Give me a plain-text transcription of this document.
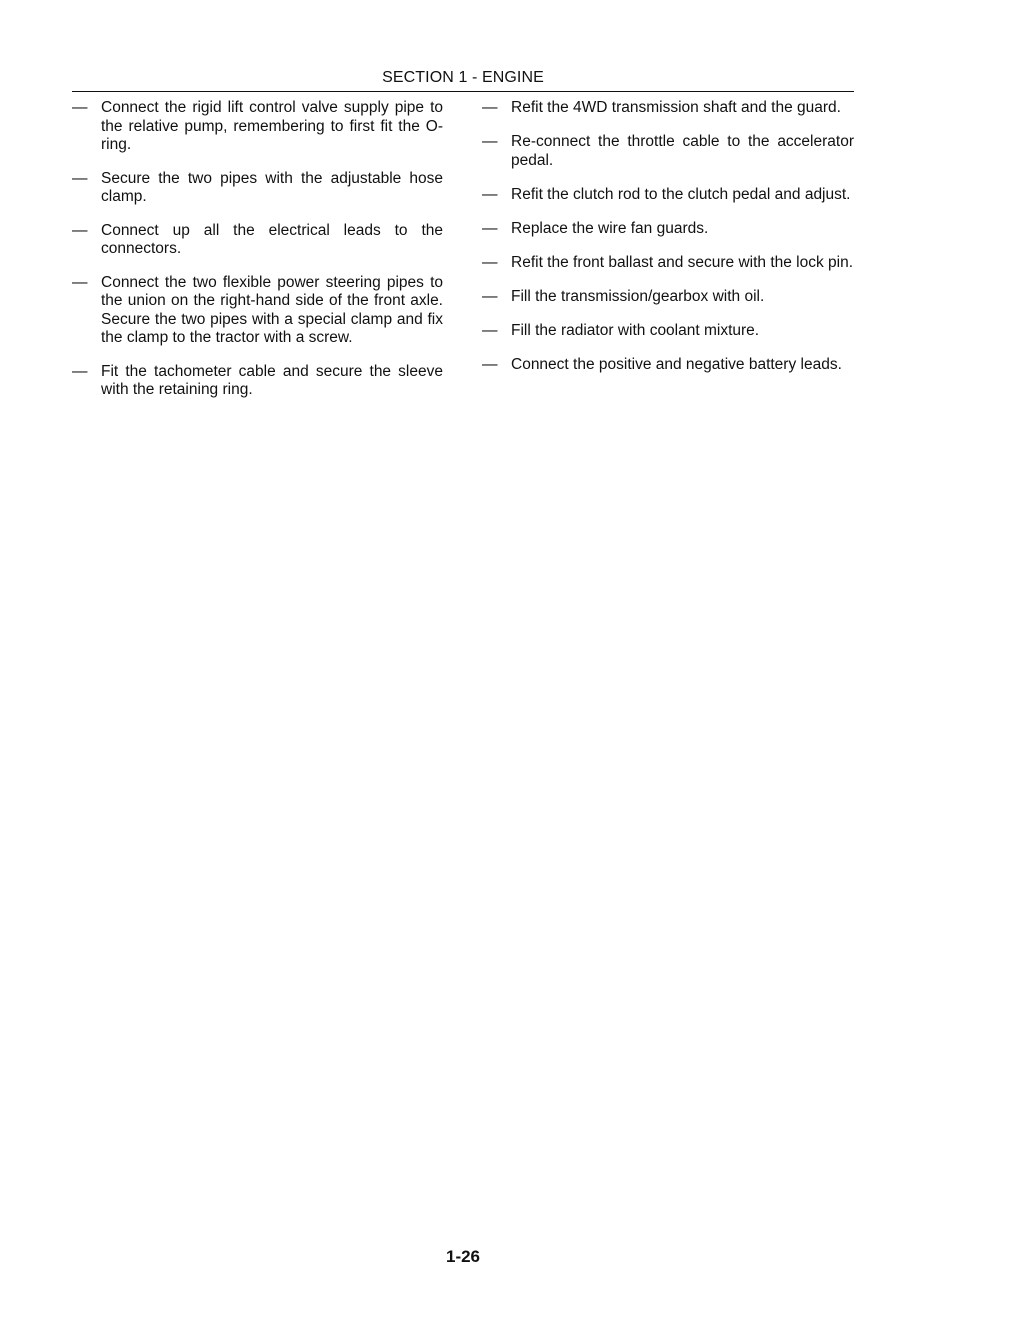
SECTION 1 - ENGINE
— Connect the rigid lift control valve supply pipe to the relative pump, remembering to first fit the O-ring.
— Secure the two pipes with the adjustable hose clamp.
— Connect up all the electrical leads to the connectors.
— Connect the two flexible power steering pipes to the union on the right-hand side of the front axle. Secure the two pipes with a special clamp and fix the clamp to the tractor with a screw.
— Fit the tachometer cable and secure the sleeve with the retaining ring.
— Refit the 4WD transmission shaft and the guard.
— Re-connect the throttle cable to the accelerator pedal.
— Refit the clutch rod to the clutch pedal and adjust.
— Replace the wire fan guards.
— Refit the front ballast and secure with the lock pin.
— Fill the transmission/gearbox with oil.
— Fill the radiator with coolant mixture.
— Connect the positive and negative battery leads.
1-26
